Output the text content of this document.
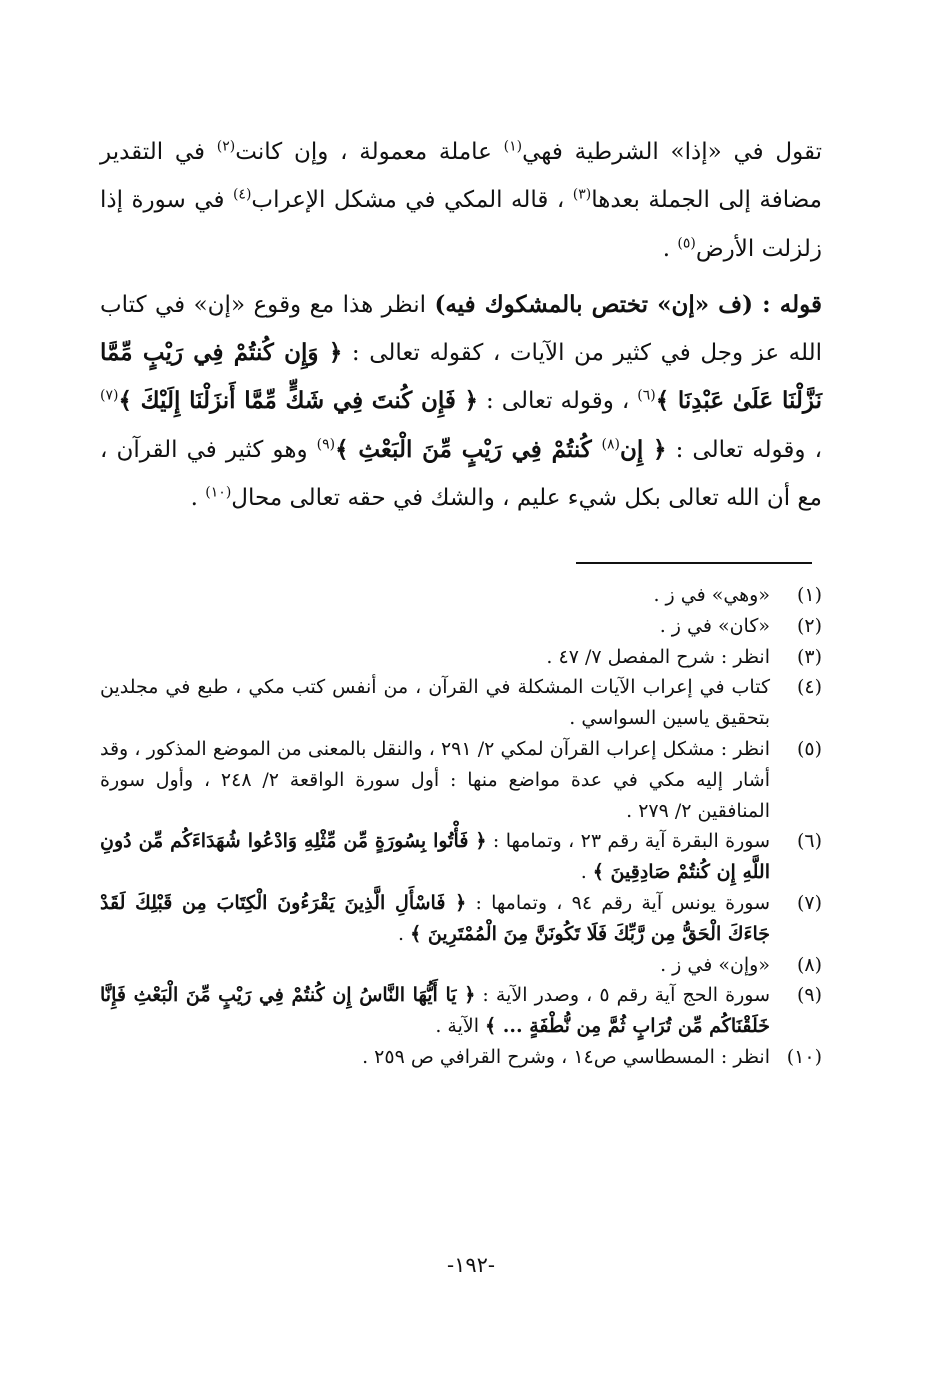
تقول في «إذا» الشرطية فهي$^{(١)}$ عاملة معمولة ، وإن كانت$^{(٢)}$ في التقدير مضافة إلى الجملة بعدها$^{(٣)}$ ، قاله المكي في مشكل الإعراب$^{(٤)}$ في سورة إذا زلزلت الأرض$^{(٥)}$ .

قوله : (ف «إن» تختص بالمشكوك فيه) انظر هذا مع وقوع «إن» في كتاب الله عز وجل في كثير من الآيات ، كقوله تعالى : ﴿ وَإِن كُنتُمْ فِي رَيْبٍ مِّمَّا نَزَّلْنَا عَلَىٰ عَبْدِنَا ﴾$^{(٦)}$ ، وقوله تعالى : ﴿ فَإِن كُنتَ فِي شَكٍّ مِّمَّا أَنزَلْنَا إِلَيْكَ ﴾$^{(٧)}$ ، وقوله تعالى : ﴿ إِن$^{(٨)}$ كُنتُمْ فِي رَيْبٍ مِّنَ الْبَعْثِ ﴾$^{(٩)}$ وهو كثير في القرآن ، مع أن الله تعالى بكل شيء عليم ، والشك في حقه تعالى محال$^{(١٠)}$ .

(١)
«وهي» في ز .
(٢)
«كان» في ز .
(٣)
انظر : شرح المفصل ٧/ ٤٧ .
(٤)
كتاب في إعراب الآيات المشكلة في القرآن ، من أنفس كتب مكي ، طبع في مجلدين بتحقيق ياسين السواسي .
(٥)
انظر : مشكل إعراب القرآن لمكي ٢/ ٢٩١ ، والنقل بالمعنى من الموضع المذكور ، وقد أشار إليه مكي في عدة مواضع منها : أول سورة الواقعة ٢/ ٢٤٨ ، وأول سورة المنافقين ٢/ ٢٧٩ .
(٦)
سورة البقرة آية رقم ٢٣ ، وتمامها : ﴿ فَأْتُوا بِسُورَةٍ مِّن مِّثْلِهِ وَادْعُوا شُهَدَاءَكُم مِّن دُونِ اللَّهِ إِن كُنتُمْ صَادِقِينَ ﴾ .
(٧)
سورة يونس آية رقم ٩٤ ، وتمامها : ﴿ فَاسْأَلِ الَّذِينَ يَقْرَءُونَ الْكِتَابَ مِن قَبْلِكَ لَقَدْ جَاءَكَ الْحَقُّ مِن رَّبِّكَ فَلَا تَكُونَنَّ مِنَ الْمُمْتَرِينَ ﴾ .
(٨)
«وإن» في ز .
(٩)
سورة الحج آية رقم ٥ ، وصدر الآية : ﴿ يَا أَيُّهَا النَّاسُ إِن كُنتُمْ فِي رَيْبٍ مِّنَ الْبَعْثِ فَإِنَّا خَلَقْنَاكُم مِّن تُرَابٍ ثُمَّ مِن نُّطْفَةٍ ... ﴾ الآية .
(١٠)
انظر : المسطاسي ص١٤ ، وشرح القرافي ص ٢٥٩ .
-١٩٢-
